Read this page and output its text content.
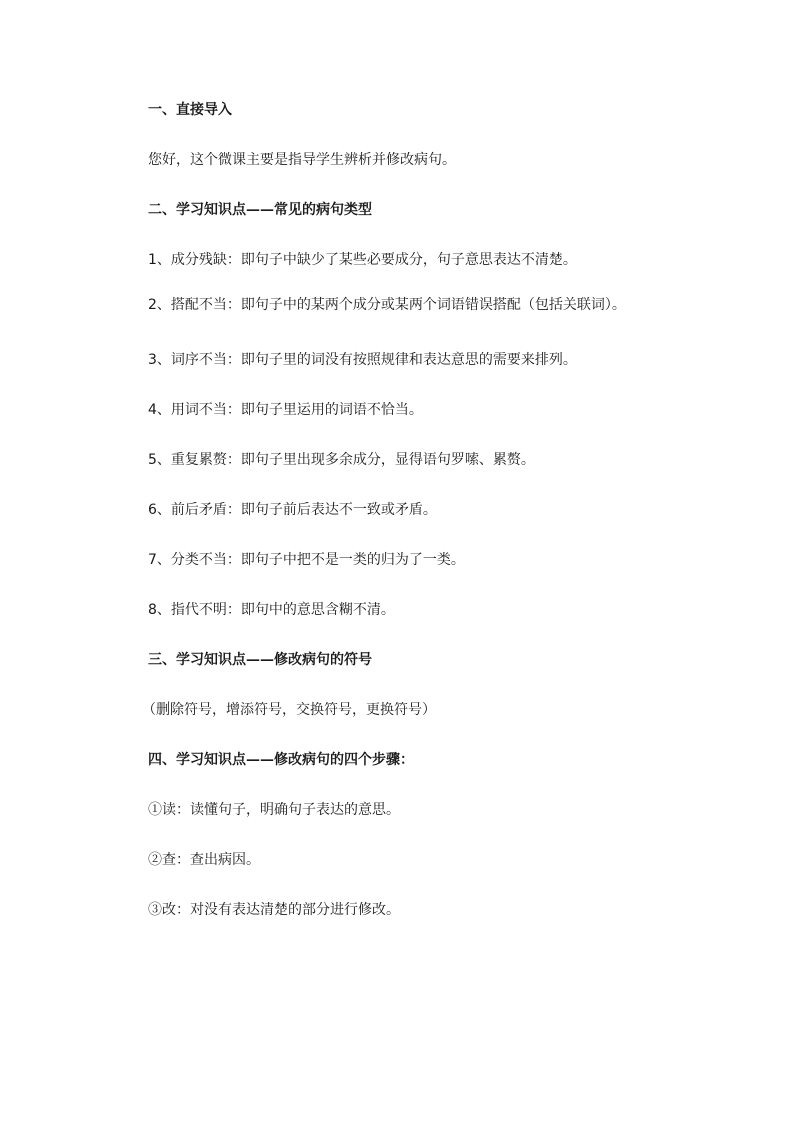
一、直接导入
您好，这个微课主要是指导学生辨析并修改病句。
二、学习知识点——常见的病句类型
1、成分残缺：即句子中缺少了某些必要成分，句子意思表达不清楚。
2、搭配不当：即句子中的某两个成分或某两个词语错误搭配（包括关联词）。
3、词序不当：即句子里的词没有按照规律和表达意思的需要来排列。
4、用词不当：即句子里运用的词语不恰当。
5、重复累赘：即句子里出现多余成分，显得语句罗嗦、累赘。
6、前后矛盾：即句子前后表达不一致或矛盾。
7、分类不当：即句子中把不是一类的归为了一类。
8、指代不明：即句中的意思含糊不清。
三、学习知识点——修改病句的符号
（删除符号，增添符号，交换符号，更换符号）
四、学习知识点——修改病句的四个步骤：
①读：读懂句子，明确句子表达的意思。
②查：查出病因。
③改：对没有表达清楚的部分进行修改。
